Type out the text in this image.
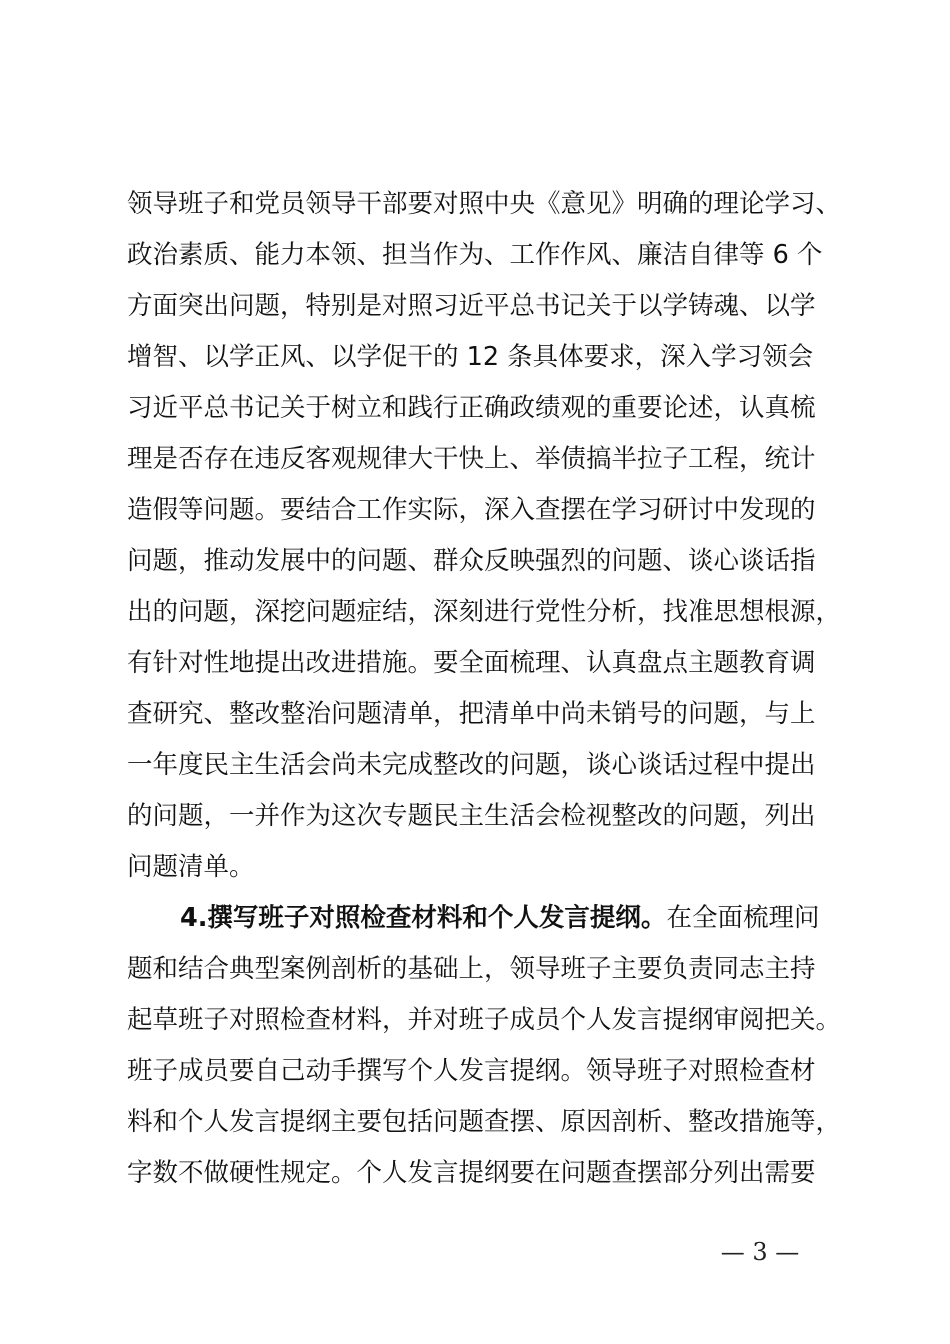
领导班子和党员领导干部要对照中央《意见》明确的理论学习、
政治素质、能力本领、担当作为、工作作风、廉洁自律等 6 个
方面突出问题，特别是对照习近平总书记关于以学铸魂、以学
增智、以学正风、以学促干的 12 条具体要求，深入学习领会
习近平总书记关于树立和践行正确政绩观的重要论述，认真梳
理是否存在违反客观规律大干快上、举债搞半拉子工程，统计
造假等问题。要结合工作实际，深入查摆在学习研讨中发现的
问题，推动发展中的问题、群众反映强烈的问题、谈心谈话指
出的问题，深挖问题症结，深刻进行党性分析，找准思想根源，
有针对性地提出改进措施。要全面梳理、认真盘点主题教育调
查研究、整改整治问题清单，把清单中尚未销号的问题，与上
一年度民主生活会尚未完成整改的问题，谈心谈话过程中提出
的问题，一并作为这次专题民主生活会检视整改的问题，列出
问题清单。
4.撰写班子对照检查材料和个人发言提纲。在全面梳理问
题和结合典型案例剖析的基础上，领导班子主要负责同志主持
起草班子对照检查材料，并对班子成员个人发言提纲审阅把关。
班子成员要自己动手撰写个人发言提纲。领导班子对照检查材
料和个人发言提纲主要包括问题查摆、原因剖析、整改措施等，
字数不做硬性规定。个人发言提纲要在问题查摆部分列出需要
— 3 —
